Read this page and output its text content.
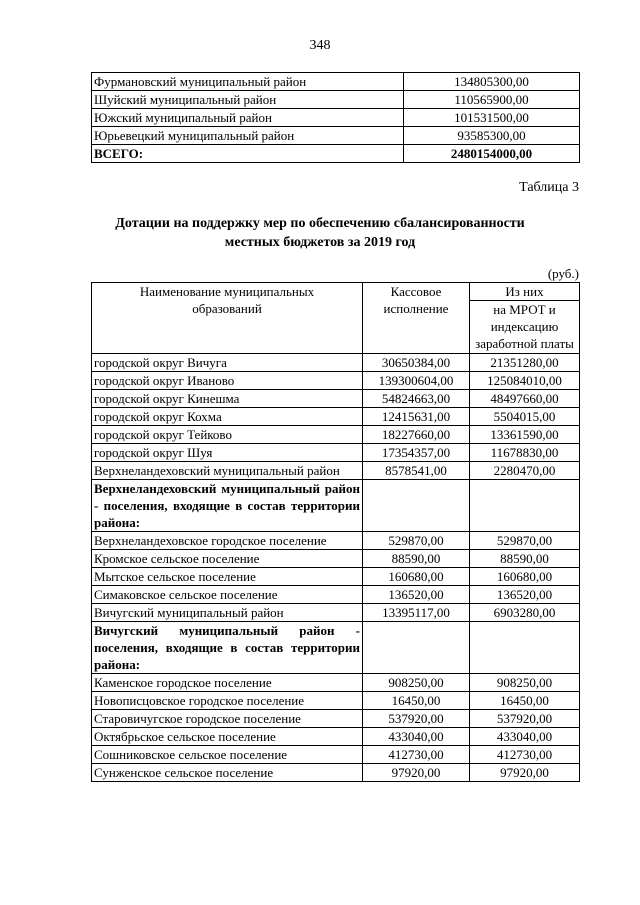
348
Фурмановский муниципальный район	134805300,00
Шуйский муниципальный район	110565900,00
Южский муниципальный район	101531500,00
Юрьевецкий муниципальный район	93585300,00
ВСЕГО:	2480154000,00
Таблица 3
Дотации на поддержку мер по обеспечению сбалансированности
местных бюджетов за 2019 год
(руб.)
Наименование муниципальных образований	Кассовое исполнение	Из них
		на МРОТ и индексацию заработной платы
городской округ Вичуга	30650384,00	21351280,00
городской округ Иваново	139300604,00	125084010,00
городской округ Кинешма	54824663,00	48497660,00
городской округ Кохма	12415631,00	5504015,00
городской округ Тейково	18227660,00	13361590,00
городской округ Шуя	17354357,00	11678830,00
Верхнеландеховский муниципальный район	8578541,00	2280470,00
Верхнеландеховский муниципальный район - поселения, входящие в состав территории района:		
Верхнеландеховское городское поселение	529870,00	529870,00
Кромское сельское поселение	88590,00	88590,00
Мытское сельское поселение	160680,00	160680,00
Симаковское сельское поселение	136520,00	136520,00
Вичугский муниципальный район	13395117,00	6903280,00
Вичугский муниципальный район - поселения, входящие в состав территории района:		
Каменское городское поселение	908250,00	908250,00
Новописцовское городское поселение	16450,00	16450,00
Старовичугское городское поселение	537920,00	537920,00
Октябрьское сельское поселение	433040,00	433040,00
Сошниковское сельское поселение	412730,00	412730,00
Сунженское сельское поселение	97920,00	97920,00
